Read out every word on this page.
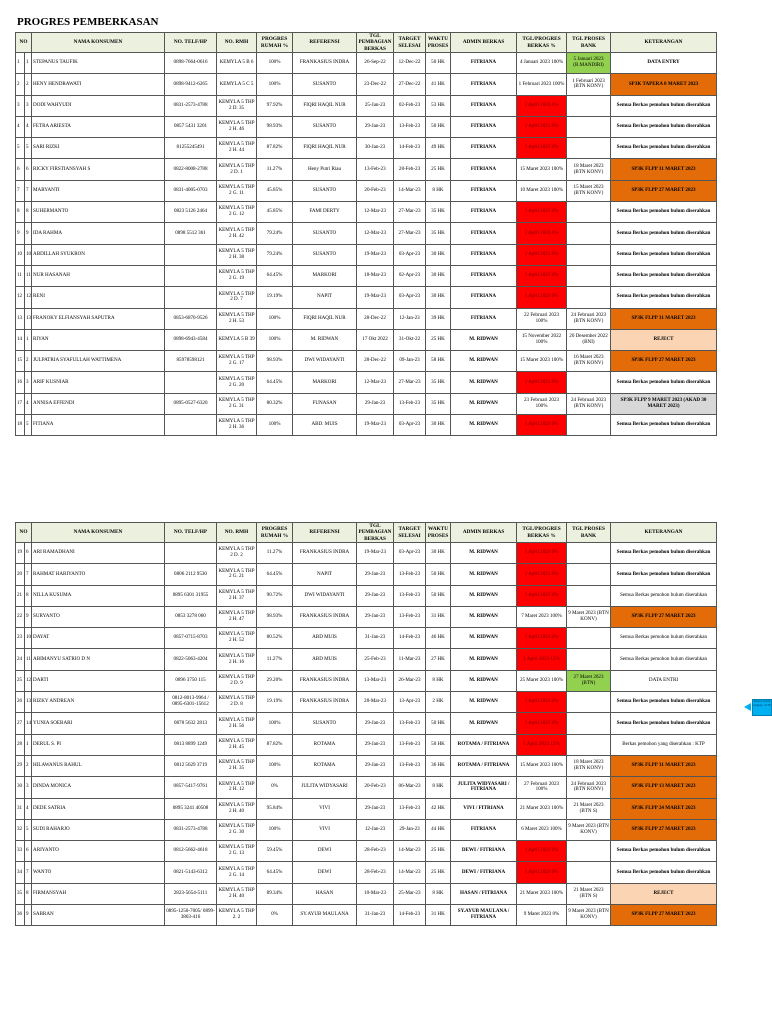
PROGRES PEMBERKASAN
NO		NAMA KONSUMEN	NO. TELF/HP	NO. RMH	PROGRES RUMAH %	REFERENSI	TGL PEMBAGIAN BERKAS	TARGET SELESAI	WAKTU PROSES	ADMIN BERKAS	TGL/PROGRES BERKAS %	TGL PROSES BANK	KETERANGAN
1	1	STEPANUS TAUFIK	0898-7664-0616	KEMYLA 5 B 6	100%	FRANKASIUS INDRA	26-Sep-22	12-Dec-22	50 HK	FITRIANA	4 Januari 2023 100%	5 Januari 2023 (B.MANDIRI)	DATA ENTRY
2	2	HENY HENDRAWATI	0898-9412-6265	KEMYLA 5 C 5	100%	SUSANTO	23-Dec-22	27-Dec-22	41 HK	FITRIANA	1 Februari 2023 100%	1 Februari 2023 (BTN KONV)	SP3K TAPERA 8 MARET 2023
3	3	DODI WAHYUDI	0831-2573-4788	KEMYLA 5 THP 2 D. 35	97.92%	FIQRI HAQIL NUR	25-Jan-23	02-Feb-23	53 HK	FITRIANA	1 April 2023 0%		Semua Berkas pemohon bulum diserahkan
4	4	FETRA ARIESTA	0857 5431 3201	KEMYLA 5 THP 2 H. 46	98.93%	SUSANTO	29-Jan-23	13-Feb-23	50 HK	FITRIANA	1 April 2023 0%		Semua Berkas pemohon bulum diserahkan
5	5	SARI RIZKI	81255245491	KEMYLA 5 THP 2 H. 44	87.82%	FIQRI HAQIL NUR	30-Jan-23	14-Feb-23	49 HK	FITRIANA	1 April 2023 0%		Semua Berkas pemohon bulum diserahkan
6	6	RICKY FIRSTIANSYAH S	0822-8008-2788	KEMYLA 5 THP 2 D. 1	11.27%	Heny Putri Riau	13-Feb-23	28-Feb-23	25 HK	FITRIANA	15 Maret 2023 100%	18 Maret 2023 (BTN KONV)	SP3K FLPP 31 MARET 2023
7	7	MARYANTI	0831-4005-0703	KEMYLA 5 THP 2 G. 11	45.85%	SUSANTO	20-Feb-23	14-Mar-23	8 HK	FITRIANA	10 Maret 2023 100%	15 Maret 2023 (BTN KONV)	SP3K FLPP 27 MARET 2023
8	8	SUHERMANTO	0823 5126 2464	KEMYLA 5 THP 2 G. 12	45.85%	FAMI DERTY	12-Mar-23	27-Mar-23	35 HK	FITRIANA	1 April 2023 0%		Semua Berkas pemohon bulum diserahkan
9	9	IDA RAHMA	0898 5512 361	KEMYLA 5 THP 2 H. 42	79.24%	SUSANTO	12-Mar-23	27-Mar-23	35 HK	FITRIANA	1 April 2023 0%		Semua Berkas pemohon bulum diserahkan
10	10	ABDILLAH SYUKRON		KEMYLA 5 THP 2 H. 38	79.24%	SUSANTO	19-Mar-23	03-Apr-23	30 HK	FITRIANA	1 April 2023 0%		Semua Berkas pemohon bulum diserahkan
11	11	NUR HASANAH		KEMYLA 5 THP 2 G. 19	64.45%	MARKORI	18-Mar-23	02-Apr-23	30 HK	FITRIANA	1 April 2023 0%		Semua Berkas pemohon bulum diserahkan
12	12	RENI		KEMYLA 5 THP 2 D. 7	19.19%	NAPIT	19-Mar-23	03-Apr-23	30 HK	FITRIANA	1 April 2023 0%		Semua Berkas pemohon bulum diserahkan
13	13	FRANOKY ELFIANSYAH SAPUTRA	0853-6870-9526	KEMYLA 5 THP 2 H. 53	100%	FIQRI HAQIL NUR	28-Dec-22	12-Jan-23	39 HK	FITRIANA	22 Februari 2023 100%	24 Februari 2023 (BTN KONV)	SP3K FLPP 31 MARET 2023
14	1	RIYAN	0898-6943-4584	KEMYLA 5 B 39	100%	M. RIDWAN	17 Okt 2022	31-Okt-22	25 HK	M. RIDWAN	15 November 2022 100%	20 Desember 2022 (BNI)	REJECT
15	2	JULPATRIA SYAFULLAH WATTIMENA	85978598121	KEMYLA 5 THP 2 G. 17	98.93%	DWI WIDAYANTI	28-Dec-22	09-Jan-23	58 HK	M. RIDWAN	15 Maret 2023 100%	16 Maret 2023 (BTN KONV)	SP3K FLPP 27 MARET 2023
16	3	ARIF KUSNIAR		KEMYLA 5 THP 2 G. 20	64.45%	MARKORI	12-Mar-23	27-Mar-23	35 HK	M. RIDWAN	1 April 2023 0%		Semua Berkas pemohon bulum diserahkan
17	4	ANNISA EFFENDI	0895-0527-6320	KEMYLA 5 THP 2 G. 31	80.32%	FUNASAN	29-Jan-23	13-Feb-23	35 HK	M. RIDWAN	23 Februari 2023 100%	24 Februari 2023 (BTN KONV)	SP3K FLPP 9 MARET 2023 (AKAD 30 MARET 2023)
18	5	FITIANA		KEMYLA 5 THP 2 H. 36	100%	ABD. MUIS	19-Mar-23	03-Apr-23	30 HK	M. RIDWAN	1 April 2023 0%		Semua Berkas pemohon bulum diserahkan
NO		NAMA KONSUMEN	NO. TELF/HP	NO. RMH	PROGRES RUMAH %	REFERENSI	TGL PEMBAGIAN BERKAS	TARGET SELESAI	WAKTU PROSES	ADMIN BERKAS	TGL/PROGRES BERKAS %	TGL PROSES BANK	KETERANGAN
19	6	ARI RAMADHANI		KEMYLA 5 THP 2 D. 2	11.27%	FRANKASIUS INDRA	19-Mar-23	03-Apr-23	30 HK	M. RIDWAN	1 April 2023 0%		Semua Berkas pemohon bulum diserahkan
20	7	RAHMAT HARIYANTO	0806 2112 9530	KEMYLA 5 THP 2 G. 21	64.45%	NAPIT	29-Jan-23	13-Feb-23	50 HK	M. RIDWAN	1 April 2023 0%		Semua Berkas pemohon bulum diserahkan
21	8	NILLA KUSUMA	0895 6301 31955	KEMYLA 5 THP 2 H. 37	90.72%	DWI WIDAYANTI	29-Jan-23	13-Feb-23	50 HK	M. RIDWAN	1 April 2023 0%		Semua Berkas pemohon bulum diserahkan
22	9	SURYANTO	0853 3278 060	KEMYLA 5 THP 2 H. 47	98.93%	FRANKASIUS INDRA	29-Jan-23	13-Feb-23	31 HK	M. RIDWAN	7 Maret 2023 100%	9 Maret 2023 (BTN KONV)	SP3K FLPP 27 MARET 2023
23	10	DAYAT	0857-0715-8703	KEMYLA 5 THP 2 H. 52	80.52%	ABD MUIS	31-Jan-23	14-Feb-23	46 HK	M. RIDWAN	1 April 2023 0%		Semua Berkas pemohon bulum diserahkan
24	11	ABIMANYU SATRIO D N	0822-5063-4204	KEMYLA 5 THP 2 H. 16	11.27%	ABD MUIS	25-Feb-23	11-Mar-23	27 HK	M. RIDWAN	1 April 2023 12%		Semua Berkas pemohon bulum diserahkan
25	12	DARTI	0896 3750 115	KEMYLA 5 THP 2 D. 9	29.20%	FRANKASIUS INDRA	13-Mar-23	26-Mar-23	8 HK	M. RIDWAN	25 Maret 2023 100%	27 Maret 2023 (BTN)	DATA ENTRI
26	13	RIZKY ANDREAN	0812-8013-9964 / 0895-6301-15612	KEMYLA 5 THP 2 D. 8	19.19%	FRANKASIUS INDRA	28-Mar-23	13-Apr-23	2 HK	M. RIDWAN	1 April 2023 0%		Semua Berkas pemohon bulum diserahkan
27	14	YUNIA SOEBARI	0878 5632 2813	KEMYLA 5 THP 2 H. 56	100%	SUSANTO	29-Jan-23	13-Feb-23	50 HK	M. RIDWAN	1 April 2023 0%		Semua Berkas pemohon bulum diserahkan
28	1	DERUL S. PI	0813 8899 1249	KEMYLA 5 THP 2 H. 45	87.82%	ROTAMA	29-Jan-23	13-Feb-23	50 HK	ROTAMA / FITRIANA	1 April 2023 12%		Berkas pemohon yang diserahkan : KTP
29	2	HILAWANUS RAHUL	0812 5629 3719	KEMYLA 5 THP 2 H. 35	100%	ROTAMA	29-Jan-23	13-Feb-23	36 HK	ROTAMA / FITRIANA	15 Maret 2023 100%	18 Maret 2023 (BTN KONV)	SP3K FLPP 31 MARET 2023
30	3	DINDA MONICA	0857-5417-9761	KEMYLA 5 THP 2 H. 12	0%	JULITA WIDYASARI	20-Feb-23	06-Mar-23	8 HK	JULITA WIDYASARI / FITRIANA	27 Februari 2023 100%	24 Februari 2023 (BTN KONV)	SP3K FLPP 13 MARET 2023
31	4	DEDE SATRIA	0895 3241 40508	KEMYLA 5 THP 2 H. 40	95.84%	VIVI	29-Jan-23	13-Feb-23	42 HK	VIVI / FITRIANA	21 Maret 2023 100%	21 Maret 2023 (BTN S)	SP3K FLPP 24 MARET 2023
32	5	SUDI RAHARJO	0831-2573-4788	KEMYLA 5 THP 2 G. 30	100%	VIVI	12-Jan-23	29-Jan-23	44 HK	FITRIANA	6 Maret 2023 100%	9 Maret 2023 (BTN KONV)	SP3K FLPP 27 MARET 2023
33	6	ARIYANTO	0812-5662-4618	KEMYLA 5 THP 2 G. 13	59.45%	DEWI	28-Feb-23	14-Mar-23	25 HK	DEWI / FITRIANA	1 April 2023 0%		Semua Berkas pemohon bulum diserahkan
34	7	WANTO	0821-5143-6312	KEMYLA 5 THP 2 G. 14	64.45%	DEWI	28-Feb-23	14-Mar-23	25 HK	DEWI / FITRIANA	1 April 2023 0%		Semua Berkas pemohon bulum diserahkan
35	8	FIRMANSYAH	2823-5654-5111	KEMYLA 5 THP 2 H. 40	89.34%	HASAN	10-Mar-23	25-Mar-23	8 HK	HASAN / FITRIANA	21 Maret 2023 100%	21 Maret 2023 (BTN S)	REJECT
36	9	SABRAN	0895-1250-7005/ 0899-3803-416	KEMYLA 5 THP 2. 2	0%	SY.AYUB MAULANA	31-Jan-23	14-Feb-23	31 HK	SY.AYUB MAULANA / FITRIANA	9 Maret 2023 0%	9 Maret 2023 (BTN KONV)	SP3K FLPP 27 MARET 2023
Berkas belum lengkap / KTP
